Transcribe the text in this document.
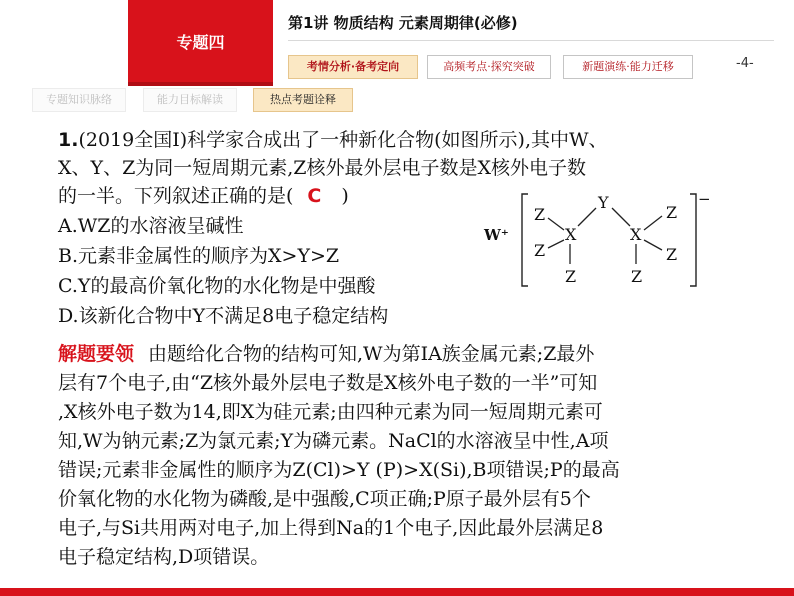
专题四
第1讲 物质结构 元素周期律(必修)
考情分析·备考定向	高频考点·探究突破	新题演练·能力迁移	-4-
专题知识脉络	能力目标解读	热点考题诠释
1.(2019全国Ⅰ)科学家合成出了一种新化合物(如图所示),其中W、
X、Y、Z为同一短周期元素,Z核外最外层电子数是X核外电子数
的一半。下列叙述正确的是( C )
A.WZ的水溶液呈碱性
B.元素非金属性的顺序为X>Y>Z
C.Y的最高价氧化物的水化物是中强酸
D.该新化合物中Y不满足8电子稳定结构
W⁺
−
Y
Z
X
Z
Z
X
Z
Z
Z
解题要领 由题给化合物的结构可知,W为第ⅠA族金属元素;Z最外
层有7个电子,由“Z核外最外层电子数是X核外电子数的一半”可知
,X核外电子数为14,即X为硅元素;由四种元素为同一短周期元素可
知,W为钠元素;Z为氯元素;Y为磷元素。NaCl的水溶液呈中性,A项
错误;元素非金属性的顺序为Z(Cl)>Y (P)>X(Si),B项错误;P的最高
价氧化物的水化物为磷酸,是中强酸,C项正确;P原子最外层有5个
电子,与Si共用两对电子,加上得到Na的1个电子,因此最外层满足8
电子稳定结构,D项错误。
